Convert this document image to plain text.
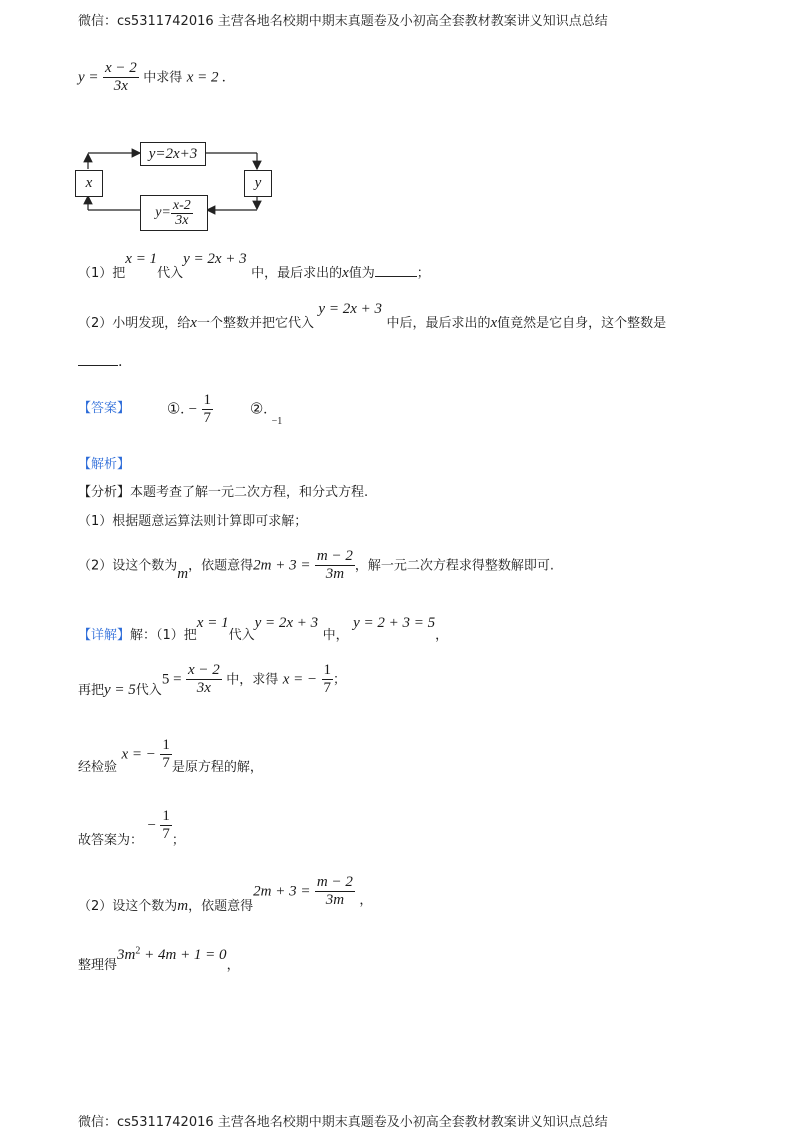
微信：cs5311742016 主营各地名校期中期末真题卷及小初高全套教材教案讲义知识点总结
$y = \frac{x - 2}{3x}$ 中求得 x = 2 .
y=2x+3
x	y
$y= \frac{x-2}{3x}$
（1）把x = 1代入y = 2x + 3 中，最后求出的x值为	；
（2）小明发现，给x一个整数并把它代入 y = 2x + 3 中后，最后求出的x值竟然是它自身，这个整数是
.
【答案】 ①. − $\frac{1}{7}$ ②. $_{-1}$
【解析】
【分析】本题考查了解一元二次方程，和分式方程.
（1）根据题意运算法则计算即可求解；
（2）设这个数为m，依题意得$2m + 3 = \frac{m - 2}{3m}$ ，解一元二次方程求得整数解即可.
【详解】解：（1）把x = 1代入y = 2x + 3 中， y = 2 + 3 = 5，
再把y = 5代入$5 = \frac{x - 2}{3x}$ 中，求得 x = − $\frac{1}{7}$ ；
经检验 x = − $\frac{1}{7}$ 是原方程的解，
故答案为： − $\frac{1}{7}$ ；
（2）设这个数为m，依题意得$2m + 3 = \frac{m - 2}{3m}$ ，
整理得$3m^2 + 4m + 1 = 0$，
微信：cs5311742016 主营各地名校期中期末真题卷及小初高全套教材教案讲义知识点总结
